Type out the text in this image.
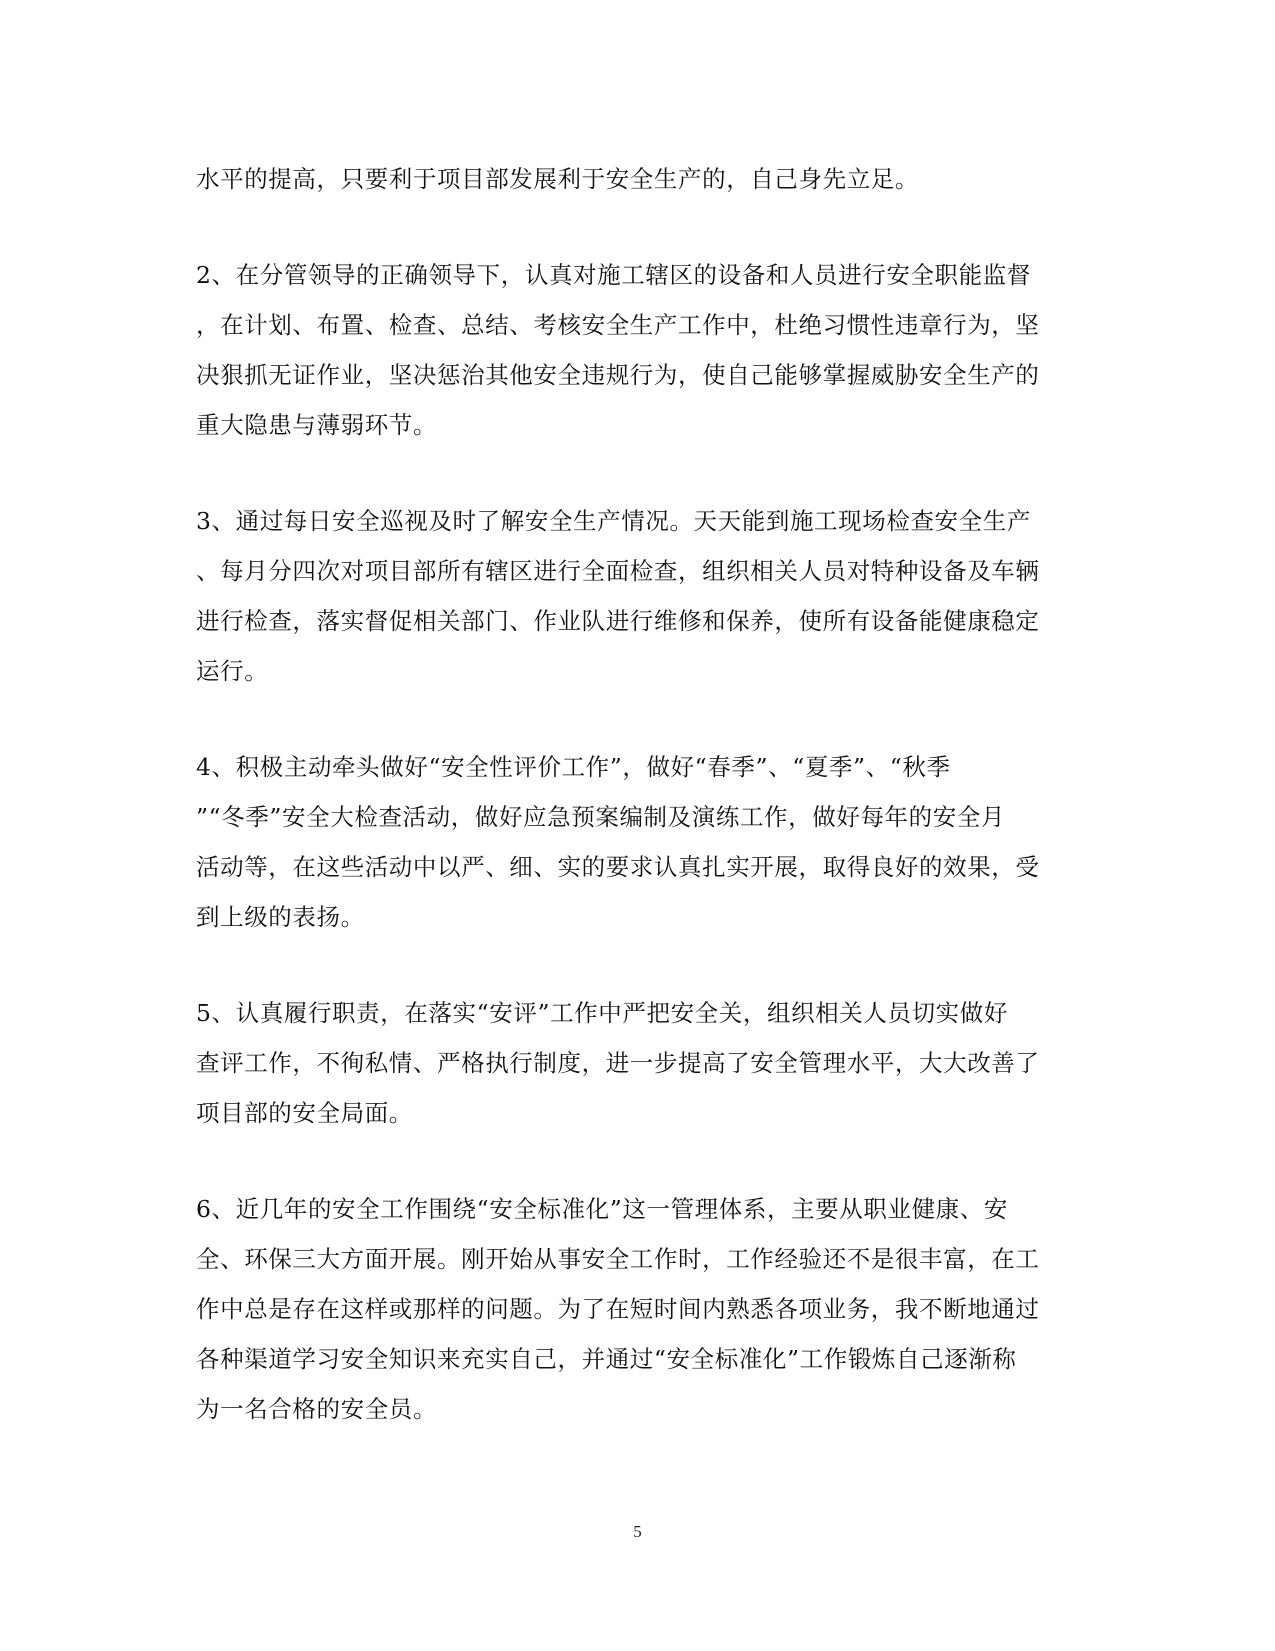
水平的提高，只要利于项目部发展利于安全生产的，自己身先立足。

2、在分管领导的正确领导下，认真对施工辖区的设备和人员进行安全职能监督
，在计划、布置、检查、总结、考核安全生产工作中，杜绝习惯性违章行为，坚
决狠抓无证作业，坚决惩治其他安全违规行为，使自己能够掌握威胁安全生产的
重大隐患与薄弱环节。

3、通过每日安全巡视及时了解安全生产情况。天天能到施工现场检查安全生产
、每月分四次对项目部所有辖区进行全面检查，组织相关人员对特种设备及车辆
进行检查，落实督促相关部门、作业队进行维修和保养，使所有设备能健康稳定
运行。

4、积极主动牵头做好“安全性评价工作”，做好“春季”、“夏季”、“秋季
”“冬季”安全大检查活动，做好应急预案编制及演练工作，做好每年的安全月
活动等，在这些活动中以严、细、实的要求认真扎实开展，取得良好的效果，受
到上级的表扬。

5、认真履行职责，在落实“安评”工作中严把安全关，组织相关人员切实做好
查评工作，不徇私情、严格执行制度，进一步提高了安全管理水平，大大改善了
项目部的安全局面。

6、近几年的安全工作围绕“安全标准化”这一管理体系，主要从职业健康、安
全、环保三大方面开展。刚开始从事安全工作时，工作经验还不是很丰富，在工
作中总是存在这样或那样的问题。为了在短时间内熟悉各项业务，我不断地通过
各种渠道学习安全知识来充实自己，并通过“安全标准化”工作锻炼自己逐渐称
为一名合格的安全员。

5
